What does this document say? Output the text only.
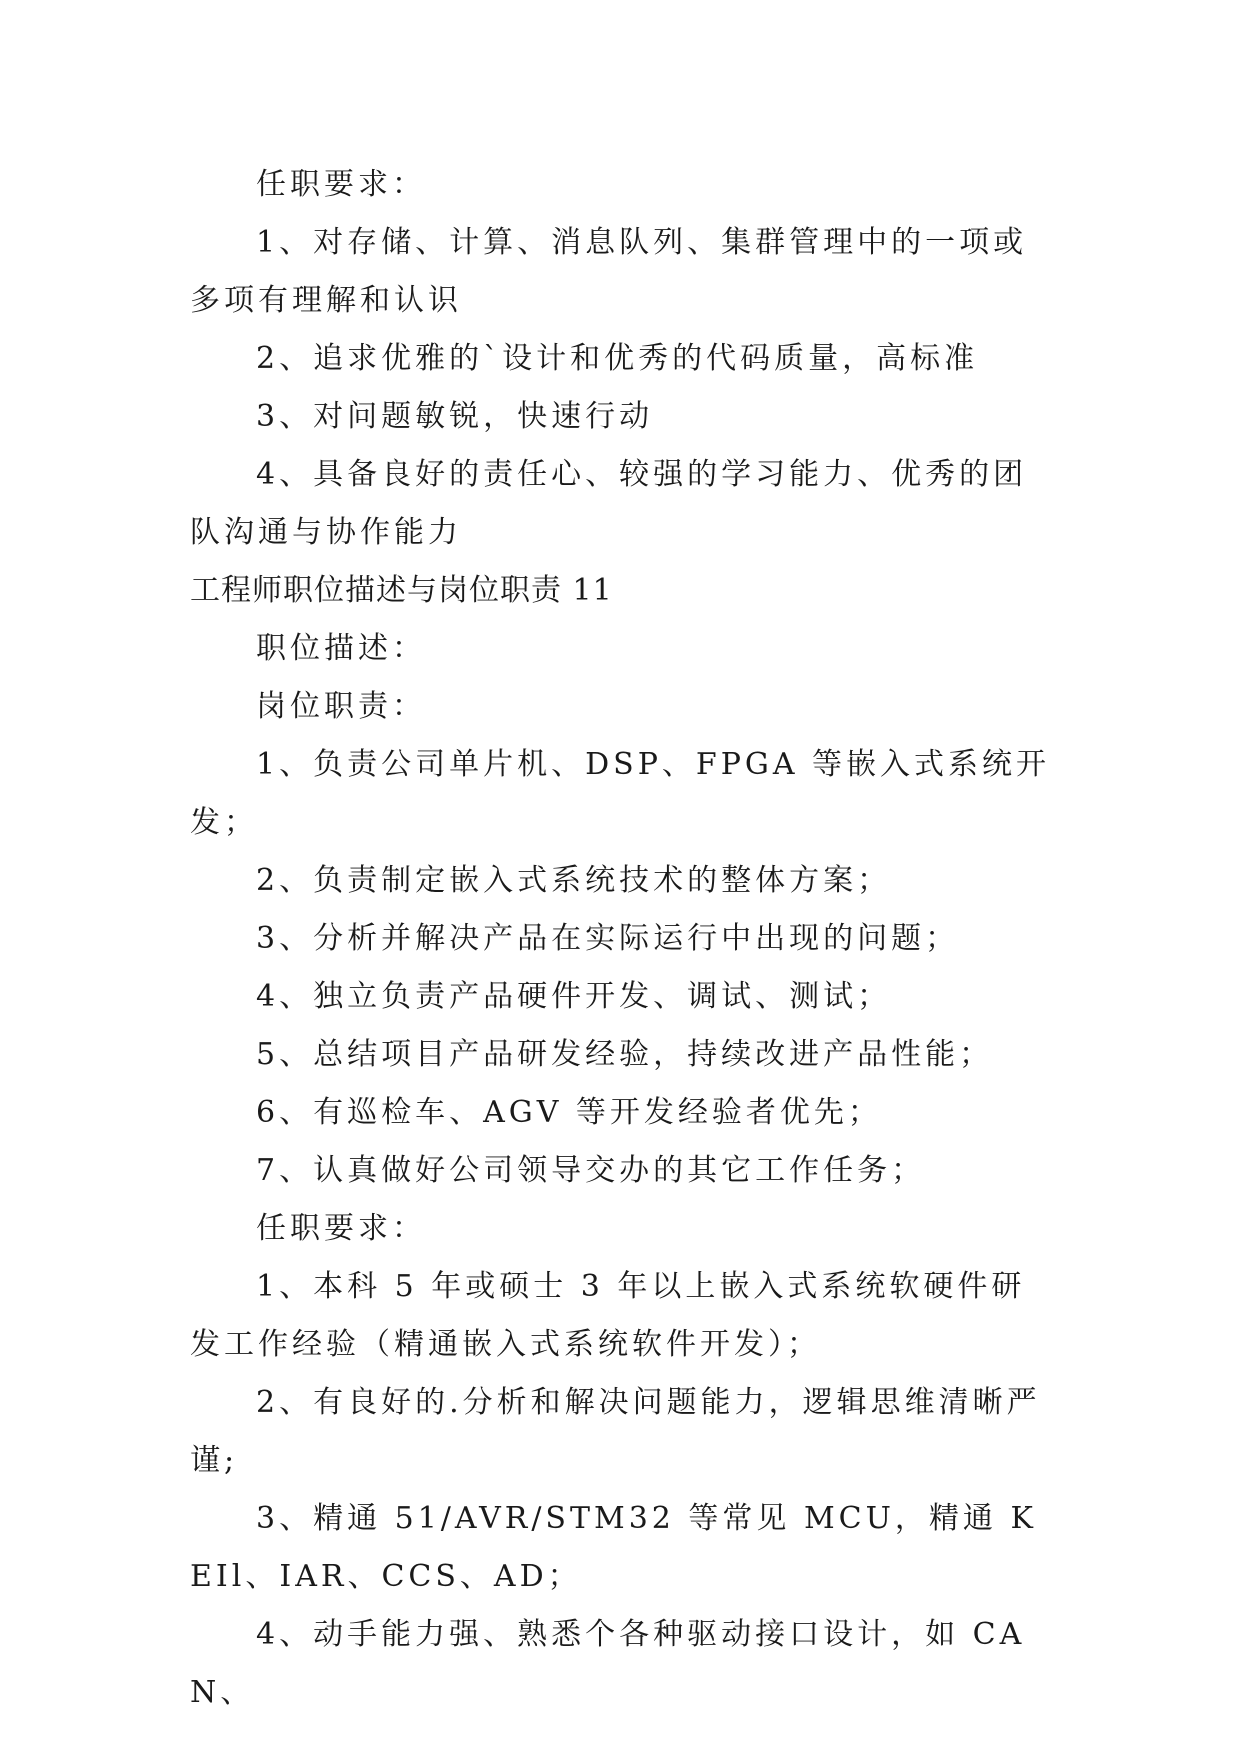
任职要求：

1、对存储、计算、消息队列、集群管理中的一项或多项有理解和认识

2、追求优雅的`设计和优秀的代码质量，高标准

3、对问题敏锐，快速行动

4、具备良好的责任心、较强的学习能力、优秀的团队沟通与协作能力

工程师职位描述与岗位职责 11

职位描述：

岗位职责：

1、负责公司单片机、DSP、FPGA 等嵌入式系统开发；

2、负责制定嵌入式系统技术的整体方案；

3、分析并解决产品在实际运行中出现的问题；

4、独立负责产品硬件开发、调试、测试；

5、总结项目产品研发经验，持续改进产品性能；

6、有巡检车、AGV 等开发经验者优先；

7、认真做好公司领导交办的其它工作任务；

任职要求：

1、本科 5 年或硕士 3 年以上嵌入式系统软硬件研发工作经验（精通嵌入式系统软件开发）；

2、有良好的.分析和解决问题能力，逻辑思维清晰严谨;

3、精通 51/AVR/STM32 等常见 MCU，精通 KEIl、IAR、CCS、AD；

4、动手能力强、熟悉个各种驱动接口设计，如 CAN、
